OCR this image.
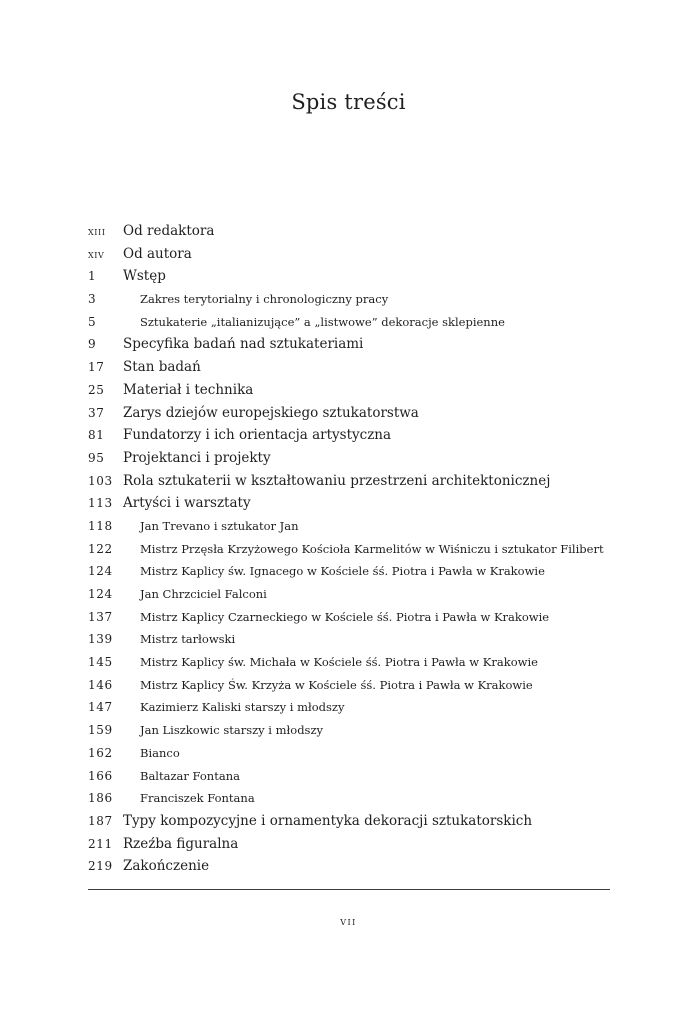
Spis treści
xiii Od redaktora
xiv Od autora
1 Wstęp
3	Zakres terytorialny i chronologiczny pracy
5	Sztukaterie „italianizujące” a „listwowe” dekoracje sklepienne
9 Specyfika badań nad sztukateriami
17 Stan badań
25 Materiał i technika
37 Zarys dziejów europejskiego sztukatorstwa
81 Fundatorzy i ich orientacja artystyczna
95 Projektanci i projekty
103 Rola sztukaterii w kształtowaniu przestrzeni architektonicznej
113 Artyści i warsztaty
118 Jan Trevano i sztukator Jan
122 Mistrz Przęsła Krzyżowego Kościoła Karmelitów w Wiśniczu i sztukator Filibert
124 Mistrz Kaplicy św. Ignacego w Kościele śś. Piotra i Pawła w Krakowie
124 Jan Chrzciciel Falconi
137 Mistrz Kaplicy Czarneckiego w Kościele śś. Piotra i Pawła w Krakowie
139 Mistrz tarłowski
145 Mistrz Kaplicy św. Michała w Kościele śś. Piotra i Pawła w Krakowie
146 Mistrz Kaplicy Św. Krzyża w Kościele śś. Piotra i Pawła w Krakowie
147 Kazimierz Kaliski starszy i młodszy
159 Jan Liszkowic starszy i młodszy
162 Bianco
166 Baltazar Fontana
186 Franciszek Fontana
187 Typy kompozycyjne i ornamentyka dekoracji sztukatorskich
211 Rzeźba figuralna
219 Zakończenie
vii
